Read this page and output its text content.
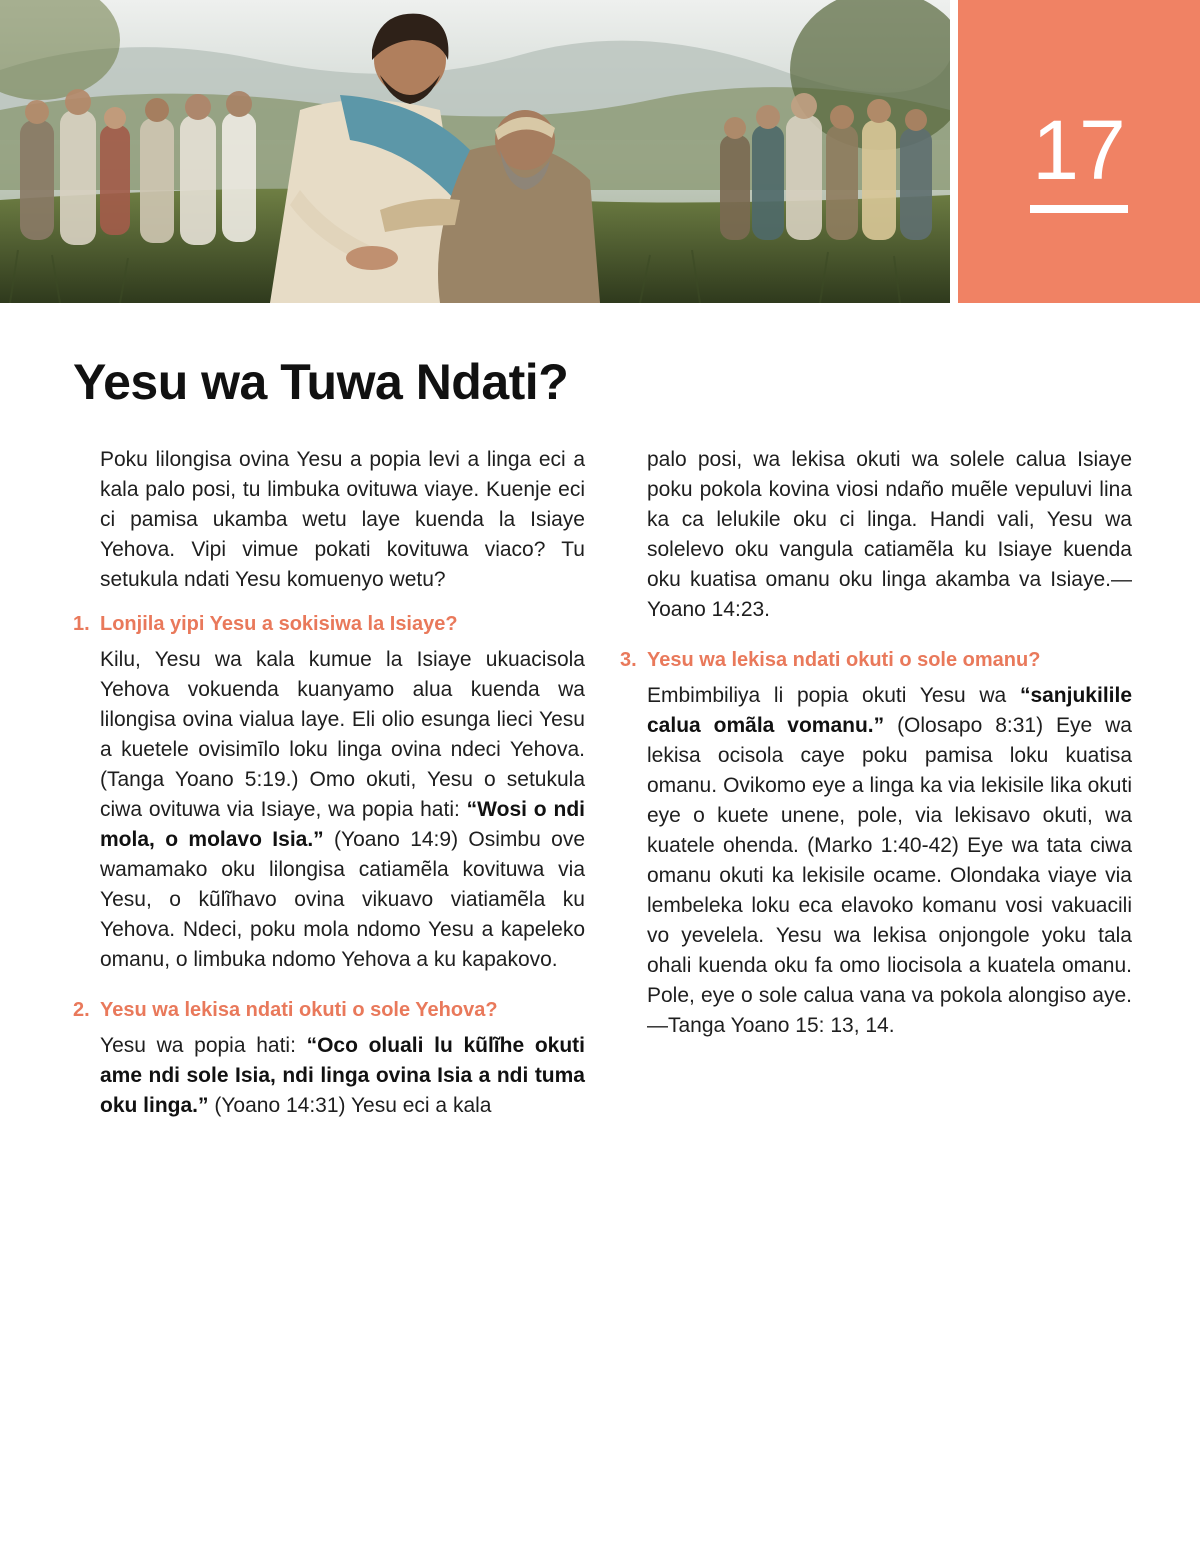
17
Yesu wa Tuwa Ndati?

Poku lilongisa ovina Yesu a popia levi a linga eci a kala palo posi, tu limbuka ovituwa viaye. Kuenje eci ci pamisa ukamba wetu laye kuenda la Isiaye Yehova. Vipi vimue pokati kovituwa viaco? Tu setukula ndati Yesu komuenyo wetu?

1. Lonjila yipi Yesu a sokisiwa la Isiaye?

Kilu, Yesu wa kala kumue la Isiaye ukuacisola Yehova vokuenda kuanyamo alua kuenda wa lilongisa ovina vialua laye. Eli olio esunga lieci Yesu a kuetele ovisimīlo loku linga ovina ndeci Yehova. (Tanga Yoano 5:19.) Omo okuti, Yesu o setukula ciwa ovituwa via Isiaye, wa popia hati: “Wosi o ndi mola, o molavo Isia.” (Yoano 14:9) Osimbu ove wamamako oku lilongisa catiamẽla kovituwa via Yesu, o kũlĩhavo ovina vikuavo viatiamẽla ku Yehova. Ndeci, poku mola ndomo Yesu a kapeleko omanu, o limbuka ndomo Yehova a ku kapakovo.

2. Yesu wa lekisa ndati okuti o sole Yehova?

Yesu wa popia hati: “Oco oluali lu kũlĩhe okuti ame ndi sole Isia, ndi linga ovina Isia a ndi tuma oku linga.” (Yoano 14:31) Yesu eci a kala

palo posi, wa lekisa okuti wa solele calua Isiaye poku pokola kovina viosi ndaño muẽle vepuluvi lina ka ca lelukile oku ci linga. Handi vali, Yesu wa solelevo oku vangula catiamẽla ku Isiaye kuenda oku kuatisa omanu oku linga akamba va Isiaye.—Yoano 14:23.

3. Yesu wa lekisa ndati okuti o sole omanu?

Embimbiliya li popia okuti Yesu wa “sanjukilile calua omãla vomanu.” (Olosapo 8:31) Eye wa lekisa ocisola caye poku pamisa loku kuatisa omanu. Ovikomo eye a linga ka via lekisile lika okuti eye o kuete unene, pole, via lekisavo okuti, wa kuatele ohenda. (Marko 1:40-42) Eye wa tata ciwa omanu okuti ka lekisile ocame. Olondaka viaye via lembeleka loku eca elavoko komanu vosi vakuacili vo yevelela. Yesu wa lekisa onjongole yoku tala ohali kuenda oku fa omo liocisola a kuatela omanu. Pole, eye o sole calua vana va pokola alongiso aye.—Tanga Yoano 15: 13, 14.
